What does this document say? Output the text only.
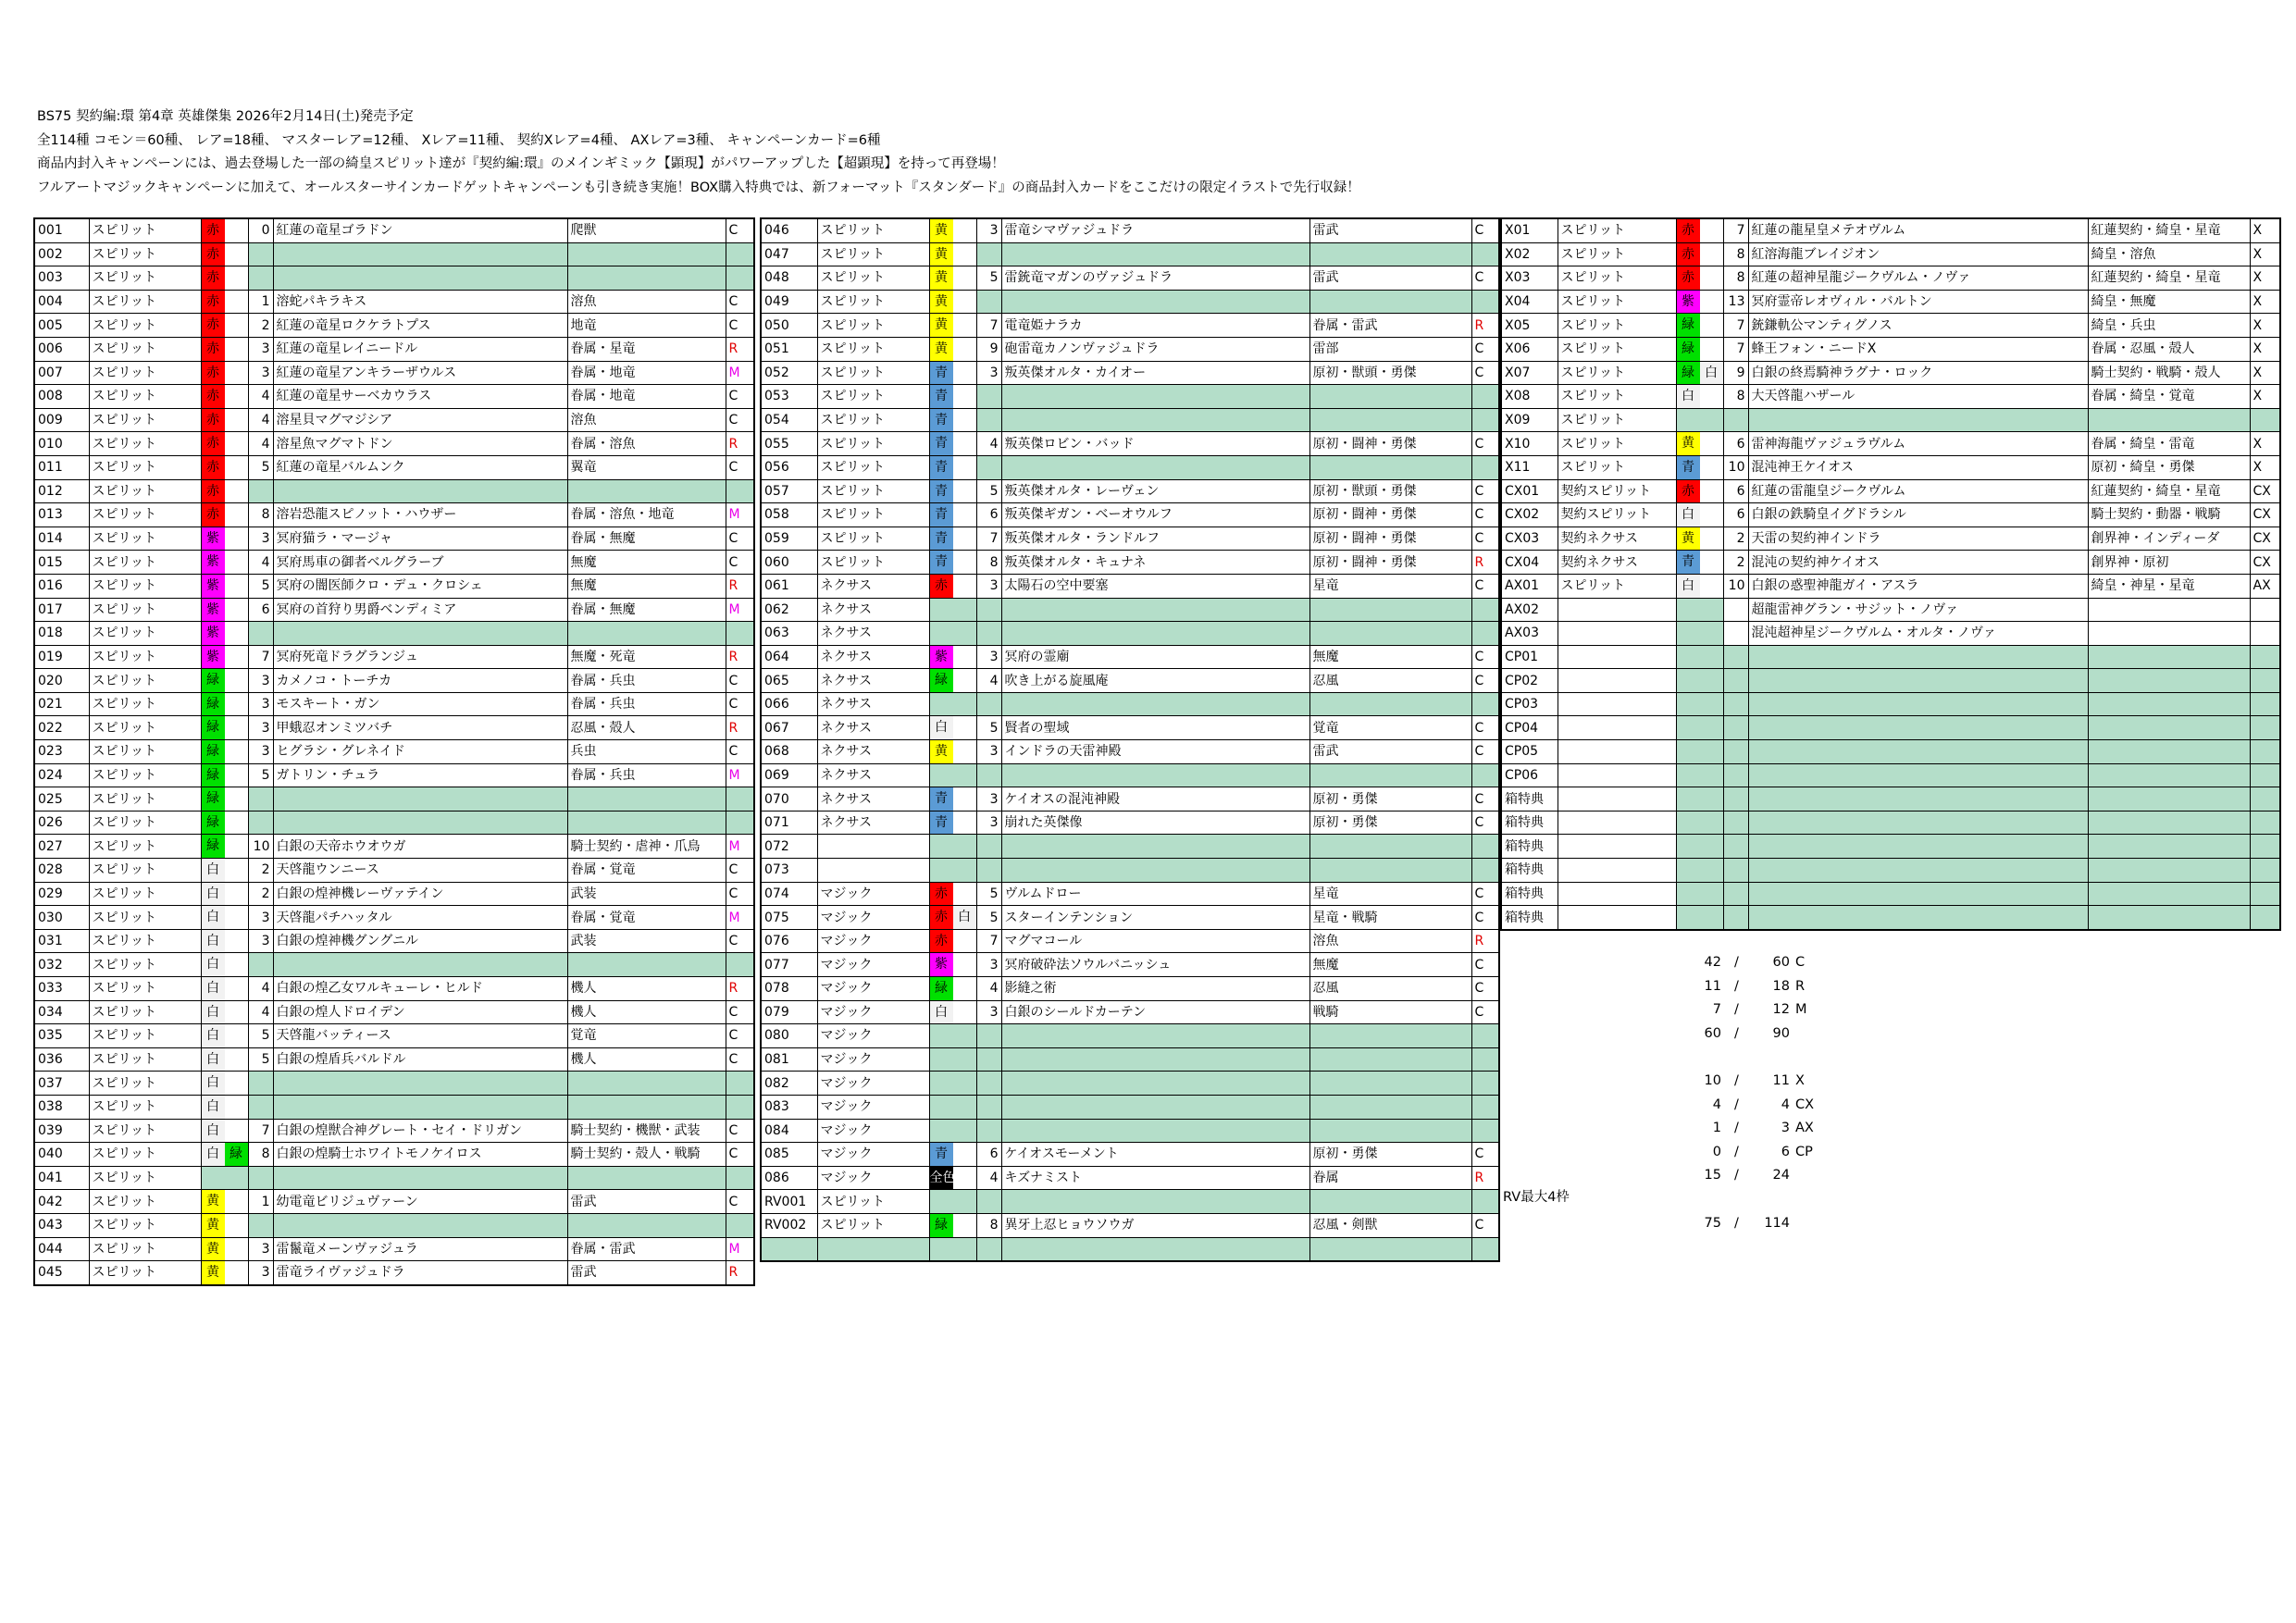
BS75 契約編:環 第4章 英雄傑集 2026年2月14日(土)発売予定
全114種 コモン＝60種、 レア=18種、 マスターレア=12種、 Xレア=11種、 契約Xレア=4種、 AXレア=3種、 キャンペーンカード=6種
商品内封入キャンペーンには、過去登場した一部の綺皇スピリット達が『契約編:環』のメインギミック【顕現】がパワーアップした【超顕現】を持って再登場！
フルアートマジックキャンペーンに加えて、オールスターサインカードゲットキャンペーンも引き続き実施！BOX購入特典では、新フォーマット『スタンダード』の商品封入カードをここだけの限定イラストで先行収録！
001	スピリット	赤	0	紅蓮の竜星ゴラドン	爬獣	C
002	スピリット	赤				
003	スピリット	赤				
004	スピリット	赤	1	溶蛇パキラキス	溶魚	C
005	スピリット	赤	2	紅蓮の竜星ロクケラトプス	地竜	C
006	スピリット	赤	3	紅蓮の竜星レイニードル	眷属・星竜	R
007	スピリット	赤	3	紅蓮の竜星アンキラーザウルス	眷属・地竜	M
008	スピリット	赤	4	紅蓮の竜星サーベカウラス	眷属・地竜	C
009	スピリット	赤	4	溶星貝マグマジシア	溶魚	C
010	スピリット	赤	4	溶星魚マグマトドン	眷属・溶魚	R
011	スピリット	赤	5	紅蓮の竜星バルムンク	翼竜	C
012	スピリット	赤				
013	スピリット	赤	8	溶岩恐龍スピノット・ハウザー	眷属・溶魚・地竜	M
014	スピリット	紫	3	冥府猫ラ・マージャ	眷属・無魔	C
015	スピリット	紫	4	冥府馬車の御者ベルグラーブ	無魔	C
016	スピリット	紫	5	冥府の闇医師クロ・デュ・クロシェ	無魔	R
017	スピリット	紫	6	冥府の首狩り男爵ベンディミア	眷属・無魔	M
018	スピリット	紫				
019	スピリット	紫	7	冥府死竜ドラグランジュ	無魔・死竜	R
020	スピリット	緑	3	カメノコ・トーチカ	眷属・兵虫	C
021	スピリット	緑	3	モスキート・ガン	眷属・兵虫	C
022	スピリット	緑	3	甲蛾忍オンミツバチ	忍風・殻人	R
023	スピリット	緑	3	ヒグラシ・グレネイド	兵虫	C
024	スピリット	緑	5	ガトリン・チュラ	眷属・兵虫	M
025	スピリット	緑				
026	スピリット	緑				
027	スピリット	緑	10	白銀の天帝ホウオウガ	騎士契約・虐神・爪鳥	M
028	スピリット	白	2	天啓龍ウンニース	眷属・覚竜	C
029	スピリット	白	2	白銀の煌神機レーヴァテイン	武装	C
030	スピリット	白	3	天啓龍パチハッタル	眷属・覚竜	M
031	スピリット	白	3	白銀の煌神機グングニル	武装	C
032	スピリット	白				
033	スピリット	白	4	白銀の煌乙女ワルキューレ・ヒルド	機人	R
034	スピリット	白	4	白銀の煌人ドロイデン	機人	C
035	スピリット	白	5	天啓龍バッティース	覚竜	C
036	スピリット	白	5	白銀の煌盾兵バルドル	機人	C
037	スピリット	白				
038	スピリット	白				
039	スピリット	白	7	白銀の煌獣合神グレート・セイ・ドリガン	騎士契約・機獣・武装	C
040	スピリット	白 緑	8	白銀の煌騎士ホワイトモノケイロス	騎士契約・殻人・戦騎	C
041	スピリット					
042	スピリット	黄	1	幼電竜ビリジュヴァーン	雷武	C
043	スピリット	黄				
044	スピリット	黄	3	雷鬣竜メーンヴァジュラ	眷属・雷武	M
045	スピリット	黄	3	雷竜ライヴァジュドラ	雷武	R
046	スピリット	黄	3	雷竜シマヴァジュドラ	雷武	C
047	スピリット	黄				
048	スピリット	黄	5	雷銃竜マガンのヴァジュドラ	雷武	C
049	スピリット	黄				
050	スピリット	黄	7	電竜姫ナラカ	眷属・雷武	R
051	スピリット	黄	9	砲雷竜カノンヴァジュドラ	雷部	C
052	スピリット	青	3	叛英傑オルタ・カイオー	原初・獣頭・勇傑	C
053	スピリット	青				
054	スピリット	青				
055	スピリット	青	4	叛英傑ロビン・バッド	原初・闘神・勇傑	C
056	スピリット	青				
057	スピリット	青	5	叛英傑オルタ・レーヴェン	原初・獣頭・勇傑	C
058	スピリット	青	6	叛英傑ギガン・ベーオウルフ	原初・闘神・勇傑	C
059	スピリット	青	7	叛英傑オルタ・ランドルフ	原初・闘神・勇傑	C
060	スピリット	青	8	叛英傑オルタ・キュナネ	原初・闘神・勇傑	R
061	ネクサス	赤	3	太陽石の空中要塞	星竜	C
062	ネクサス					
063	ネクサス					
064	ネクサス	紫	3	冥府の霊廟	無魔	C
065	ネクサス	緑	4	吹き上がる旋風庵	忍風	C
066	ネクサス					
067	ネクサス	白	5	賢者の聖域	覚竜	C
068	ネクサス	黄	3	インドラの天雷神殿	雷武	C
069	ネクサス					
070	ネクサス	青	3	ケイオスの混沌神殿	原初・勇傑	C
071	ネクサス	青	3	崩れた英傑像	原初・勇傑	C
072						
073						
074	マジック	赤	5	ヴルムドロー	星竜	C
075	マジック	赤 白	5	スターインテンション	星竜・戦騎	C
076	マジック	赤	7	マグマコール	溶魚	R
077	マジック	紫	3	冥府破砕法ソウルバニッシュ	無魔	C
078	マジック	緑	4	影縫之術	忍風	C
079	マジック	白	3	白銀のシールドカーテン	戦騎	C
080	マジック					
081	マジック					
082	マジック					
083	マジック					
084	マジック					
085	マジック	青	6	ケイオスモーメント	原初・勇傑	C
086	マジック	全色	4	キズナミスト	眷属	R
RV001	スピリット					
RV002	スピリット	緑	8	異牙上忍ヒョウソウガ	忍風・剣獣	C

X01	スピリット	赤	7	紅蓮の龍星皇メテオヴルム	紅蓮契約・綺皇・星竜	X
X02	スピリット	赤	8	紅溶海龍ブレイジオン	綺皇・溶魚	X
X03	スピリット	赤	8	紅蓮の超神星龍ジークヴルム・ノヴァ	紅蓮契約・綺皇・星竜	X
X04	スピリット	紫	13	冥府霊帝レオヴィル・バルトン	綺皇・無魔	X
X05	スピリット	緑	7	銃鎌軌公マンティグノス	綺皇・兵虫	X
X06	スピリット	緑	7	蜂王フォン・ニードX	眷属・忍風・殻人	X
X07	スピリット	緑 白	9	白銀の終焉騎神ラグナ・ロック	騎士契約・戦騎・殻人	X
X08	スピリット	白	8	大天啓龍ハザール	眷属・綺皇・覚竜	X
X09	スピリット					
X10	スピリット	黄	6	雷神海龍ヴァジュラヴルム	眷属・綺皇・雷竜	X
X11	スピリット	青	10	混沌神王ケイオス	原初・綺皇・勇傑	X
CX01	契約スピリット	赤	6	紅蓮の雷龍皇ジークヴルム	紅蓮契約・綺皇・星竜	CX
CX02	契約スピリット	白	6	白銀の鉄騎皇イグドラシル	騎士契約・動器・戦騎	CX
CX03	契約ネクサス	黄	2	天雷の契約神インドラ	創界神・インディーダ	CX
CX04	契約ネクサス	青	2	混沌の契約神ケイオス	創界神・原初	CX
AX01	スピリット	白	10	白銀の惑聖神龍ガイ・アスラ	綺皇・神星・星竜	AX
AX02				超龍雷神グラン・サジット・ノヴァ		
AX03				混沌超神星ジークヴルム・オルタ・ノヴァ		
CP01						
CP02						
CP03						
CP04						
CP05						
CP06						
箱特典						
箱特典						
箱特典						
箱特典						
箱特典						
箱特典						
42 /	60 C
11 /	18 R
7 /	12 M
60 /	90
10 /	11 X
4 /	4 CX
1 /	3 AX
0 /	6 CP
15 /	24
75 / 114
RV最大4枠
